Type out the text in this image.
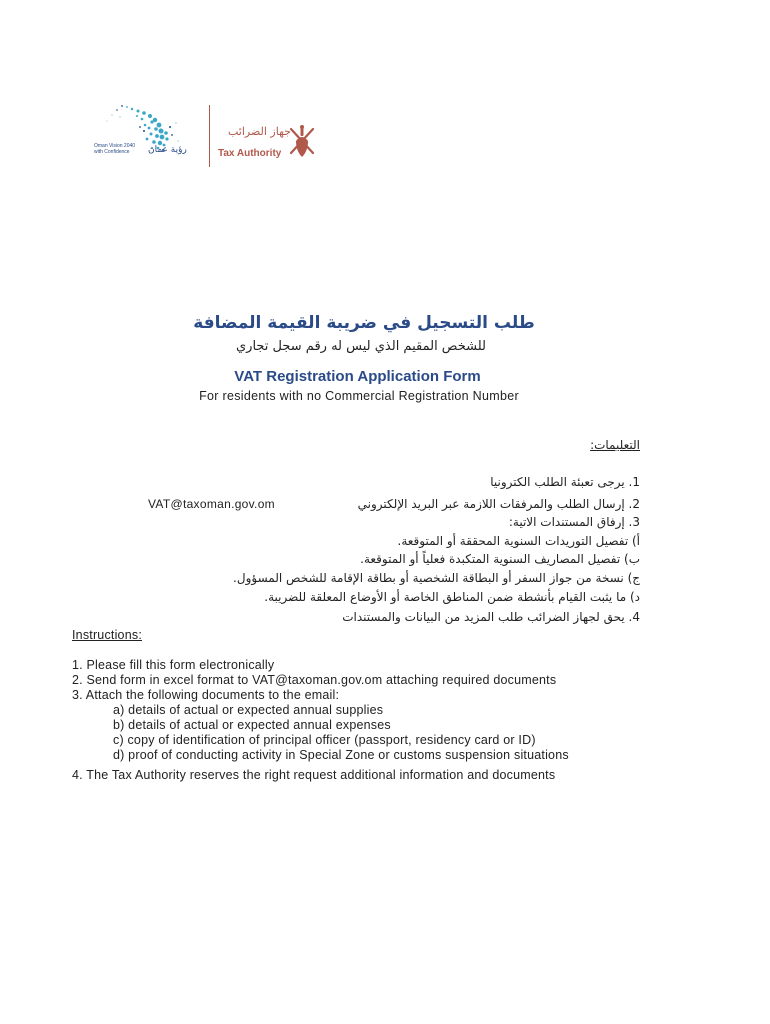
Oman Vision 2040
with Confidence	رؤية عمان
جهاز الضرائب
Tax Authority
طلب التسجيل في ضريبة القيمة المضافة
للشخص المقيم الذي ليس له رقم سجل تجاري
VAT Registration Application Form
For residents with no Commercial Registration Number
التعليمات:
1. يرجى تعبئة الطلب الكترونيا
2. إرسال الطلب والمرفقات اللازمة عبر البريد الإلكتروني
3. إرفاق المستندات الاتية:
أ) تفصيل التوريدات السنوية المحققة أو المتوقعة.
ب) تفصيل المصاريف السنوية المتكبدة فعلياً أو المتوقعة.
ج) نسخة من جواز السفر أو البطاقة الشخصية أو بطاقة الإقامة للشخص المسؤول.
د) ما يثبت القيام بأنشطة ضمن المناطق الخاصة أو الأوضاع المعلقة للضريبة.
4. يحق لجهاز الضرائب طلب المزيد من البيانات والمستندات
VAT@taxoman.gov.om
Instructions:
1. Please fill this form electronically
2. Send form in excel format to VAT@taxoman.gov.om attaching required documents
3. Attach the following documents to the email:
a) details of actual or expected annual supplies
b) details of actual or expected annual expenses
c) copy of identification of principal officer (passport, residency card or ID)
d) proof of conducting activity in Special Zone or customs suspension situations
4. The Tax Authority reserves the right request additional information and documents
